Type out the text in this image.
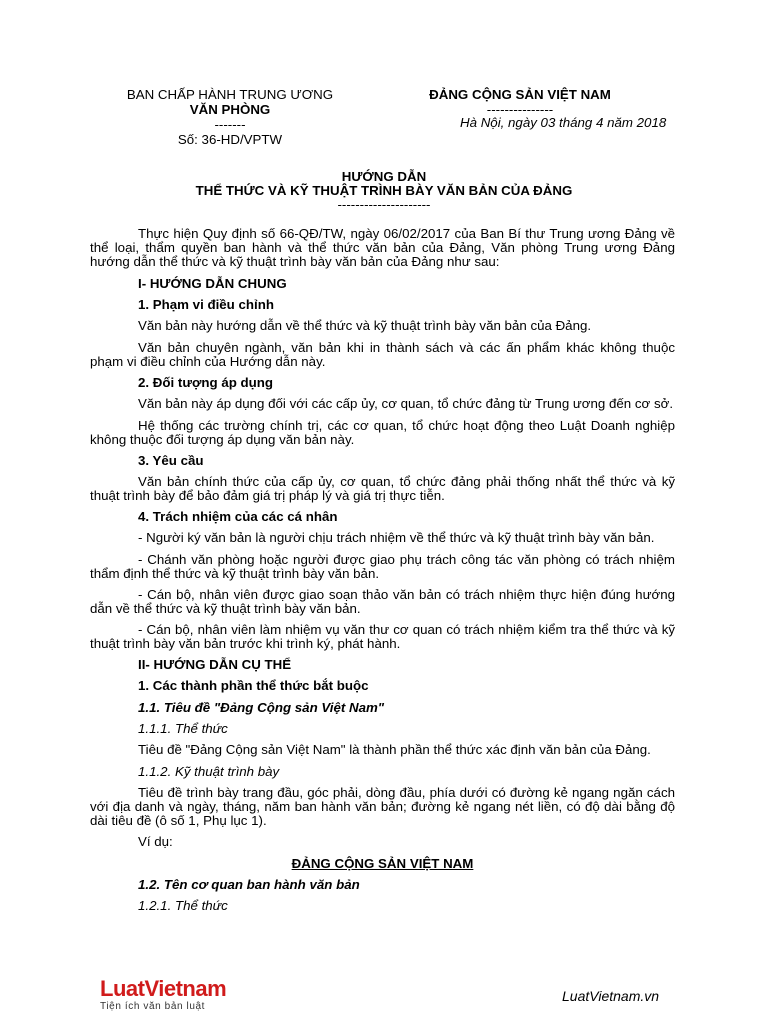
BAN CHẤP HÀNH TRUNG ƯƠNG
VĂN PHÒNG
-------
Số: 36-HD/VPTW
ĐẢNG CỘNG SẢN VIỆT NAM
---------------
Hà Nội, ngày 03 tháng 4 năm 2018
HƯỚNG DẪN
THỂ THỨC VÀ KỸ THUẬT TRÌNH BÀY VĂN BẢN CỦA ĐẢNG
---------------------
Thực hiện Quy định số 66-QĐ/TW, ngày 06/02/2017 của Ban Bí thư Trung ương Đảng về thể loại, thẩm quyền ban hành và thể thức văn bản của Đảng, Văn phòng Trung ương Đảng hướng dẫn thể thức và kỹ thuật trình bày văn bản của Đảng như sau:
I- HƯỚNG DẪN CHUNG
1. Phạm vi điều chỉnh
Văn bản này hướng dẫn về thể thức và kỹ thuật trình bày văn bản của Đảng.
Văn bản chuyên ngành, văn bản khi in thành sách và các ấn phẩm khác không thuộc phạm vi điều chỉnh của Hướng dẫn này.
2. Đối tượng áp dụng
Văn bản này áp dụng đối với các cấp ủy, cơ quan, tổ chức đảng từ Trung ương đến cơ sở.
Hệ thống các trường chính trị, các cơ quan, tổ chức hoạt động theo Luật Doanh nghiệp không thuộc đối tượng áp dụng văn bản này.
3. Yêu cầu
Văn bản chính thức của cấp ủy, cơ quan, tổ chức đảng phải thống nhất thể thức và kỹ thuật trình bày để bảo đảm giá trị pháp lý và giá trị thực tiễn.
4. Trách nhiệm của các cá nhân
- Người ký văn bản là người chịu trách nhiệm về thể thức và kỹ thuật trình bày văn bản.
- Chánh văn phòng hoặc người được giao phụ trách công tác văn phòng có trách nhiệm thẩm định thể thức và kỹ thuật trình bày văn bản.
- Cán bộ, nhân viên được giao soạn thảo văn bản có trách nhiệm thực hiện đúng hướng dẫn về thể thức và kỹ thuật trình bày văn bản.
- Cán bộ, nhân viên làm nhiệm vụ văn thư cơ quan có trách nhiệm kiểm tra thể thức và kỹ thuật trình bày văn bản trước khi trình ký, phát hành.
II- HƯỚNG DẪN CỤ THỂ
1. Các thành phần thể thức bắt buộc
1.1. Tiêu đề "Đảng Cộng sản Việt Nam"
1.1.1. Thể thức
Tiêu đề "Đảng Cộng sản Việt Nam" là thành phần thể thức xác định văn bản của Đảng.
1.1.2. Kỹ thuật trình bày
Tiêu đề trình bày trang đầu, góc phải, dòng đầu, phía dưới có đường kẻ ngang ngăn cách với địa danh và ngày, tháng, năm ban hành văn bản; đường kẻ ngang nét liền, có độ dài bằng độ dài tiêu đề (ô số 1, Phụ lục 1).
Ví dụ:
ĐẢNG CỘNG SẢN VIỆT NAM
1.2. Tên cơ quan ban hành văn bản
1.2.1. Thể thức
LuatVietnam
Tiện ích văn bản luật
LuatVietnam.vn
